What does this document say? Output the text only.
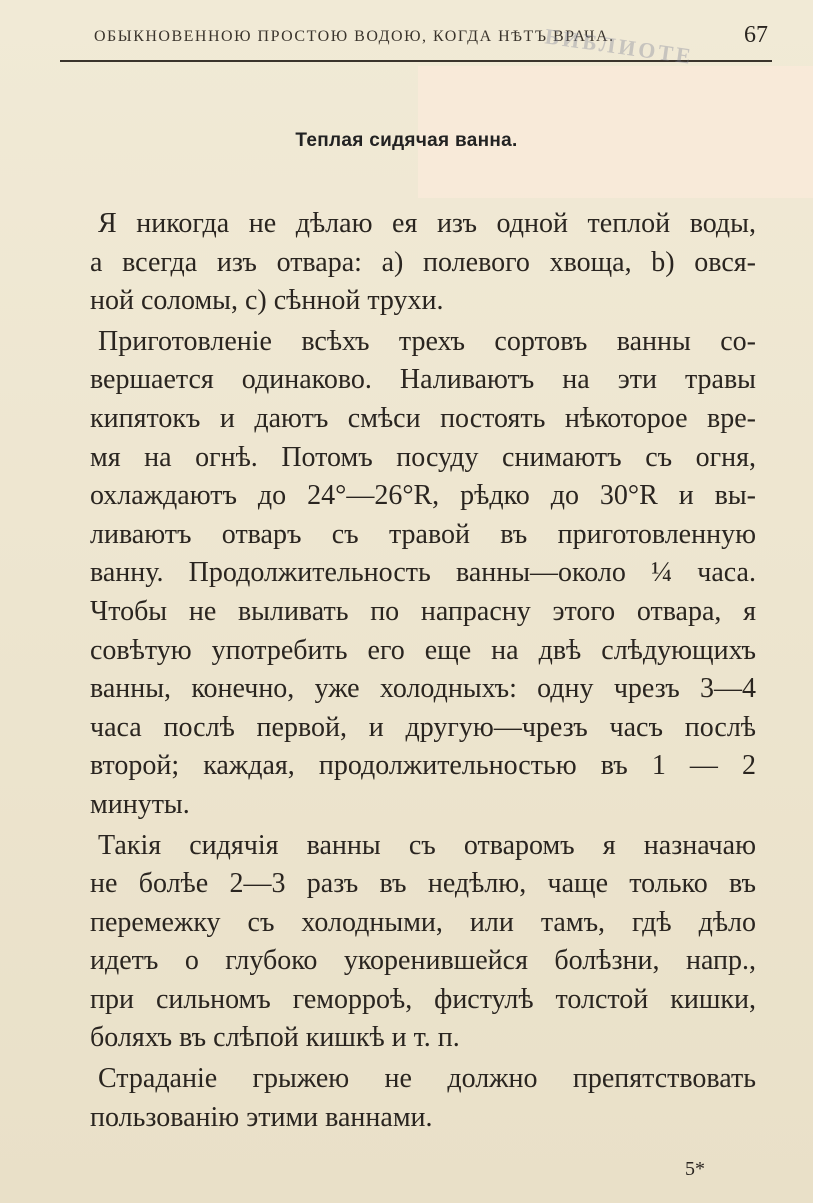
ОБЫКНОВЕННОЮ ПРОСТОЮ ВОДОЮ, КОГДА НѢТЪ ВРАЧА.	67
БИБЛИОТЕ
Теплая сидячая ванна.
Я никогда не дѣлаю ея изъ одной теплой воды,
а всегда изъ отвара: a) полевого хвоща, b) овся-
ной соломы, c) сѣнной трухи.
Приготовленіе всѣхъ трехъ сортовъ ванны со-
вершается одинаково. Наливаютъ на эти травы
кипятокъ и даютъ смѣси постоять нѣкоторое вре-
мя на огнѣ. Потомъ посуду снимаютъ съ огня,
охлаждаютъ до 24°—26°R, рѣдко до 30°R и вы-
ливаютъ отваръ съ травой въ приготовленную
ванну. Продолжительность ванны—около ¼ часа.
Чтобы не выливать по напрасну этого отвара, я
совѣтую употребить его еще на двѣ слѣдующихъ
ванны, конечно, уже холодныхъ: одну чрезъ 3—4
часа послѣ первой, и другую—чрезъ часъ послѣ
второй; каждая, продолжительностью въ 1 — 2
минуты.
Такія сидячія ванны съ отваромъ я назначаю
не болѣе 2—3 разъ въ недѣлю, чаще только въ
перемежку съ холодными, или тамъ, гдѣ дѣло
идетъ о глубоко укоренившейся болѣзни, напр.,
при сильномъ геморроѣ, фистулѣ толстой кишки,
боляхъ въ слѣпой кишкѣ и т. п.
Страданіе грыжею не должно препятствовать
пользованію этими ваннами.
5*
